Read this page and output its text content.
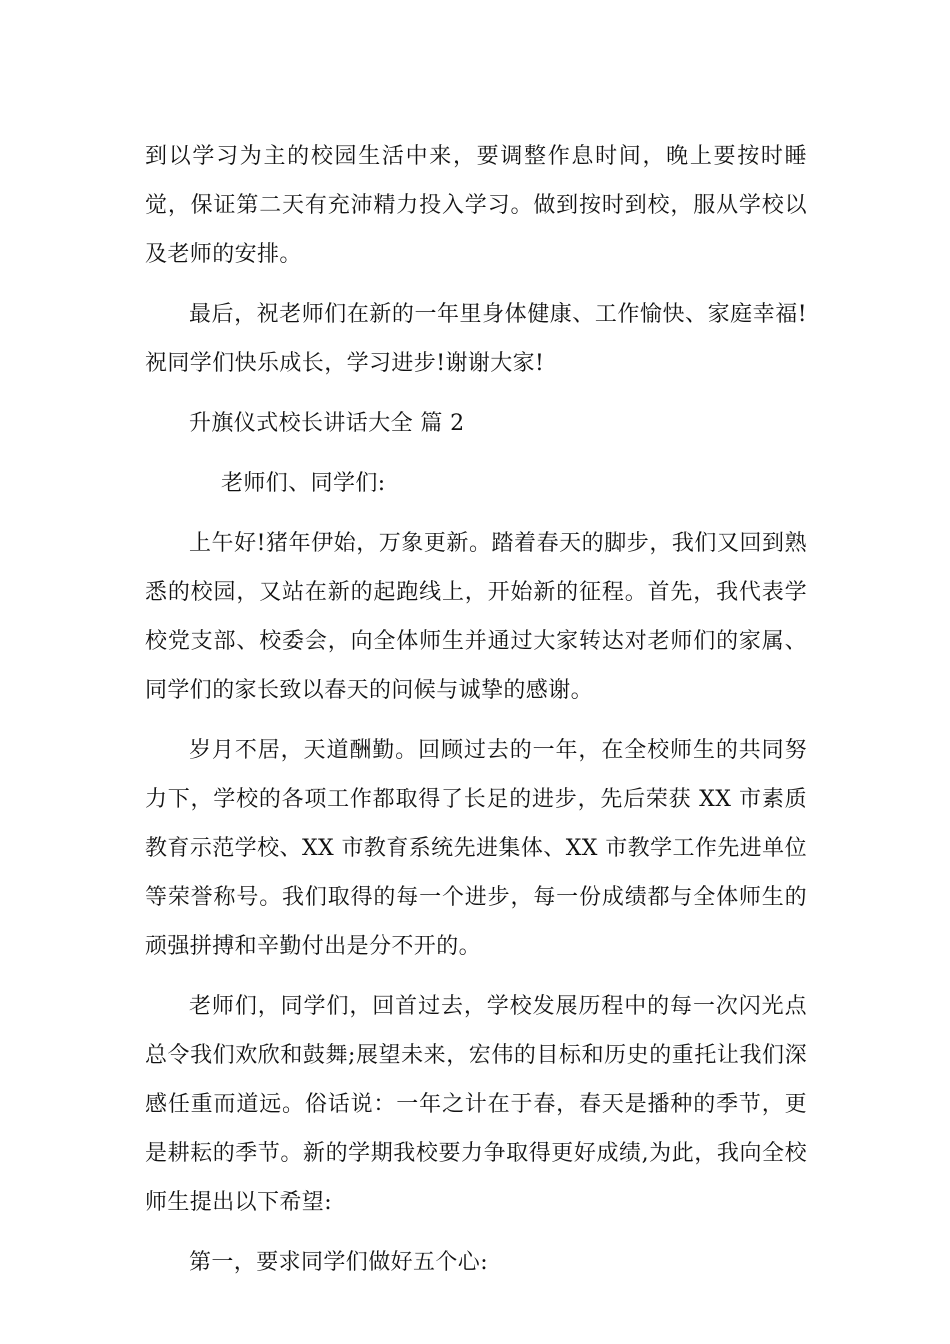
到以学习为主的校园生活中来，要调整作息时间，晚上要按时睡觉，保证第二天有充沛精力投入学习。做到按时到校，服从学校以及老师的安排。

最后，祝老师们在新的一年里身体健康、工作愉快、家庭幸福!祝同学们快乐成长，学习进步!谢谢大家!

升旗仪式校长讲话大全 篇 2

老师们、同学们:

上午好!猪年伊始，万象更新。踏着春天的脚步，我们又回到熟悉的校园，又站在新的起跑线上，开始新的征程。首先，我代表学校党支部、校委会，向全体师生并通过大家转达对老师们的家属、同学们的家长致以春天的问候与诚挚的感谢。

岁月不居，天道酬勤。回顾过去的一年，在全校师生的共同努力下，学校的各项工作都取得了长足的进步，先后荣获 XX 市素质教育示范学校、XX 市教育系统先进集体、XX 市教学工作先进单位等荣誉称号。我们取得的每一个进步，每一份成绩都与全体师生的顽强拼搏和辛勤付出是分不开的。

老师们，同学们，回首过去，学校发展历程中的每一次闪光点总令我们欢欣和鼓舞;展望未来，宏伟的目标和历史的重托让我们深感任重而道远。俗话说：一年之计在于春，春天是播种的季节，更是耕耘的季节。新的学期我校要力争取得更好成绩,为此，我向全校师生提出以下希望:

第一，要求同学们做好五个心:
